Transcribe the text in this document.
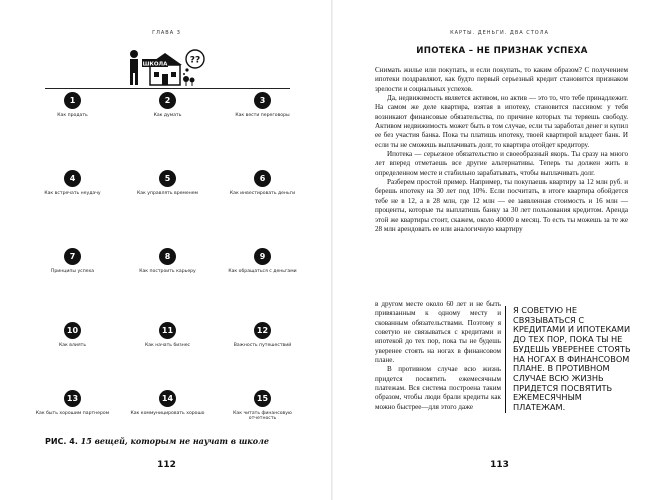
ГЛАВА 3
ШКОЛА ??
1
Как продать
2
Как думать
3
Как вести переговоры
4
Как встречать неудачу
5
Как управлять временем
6
Как инвестировать деньги
7
Принципы успеха
8
Как построить карьеру
9
Как обращаться с деньгами
10
Как влиять
11
Как начать бизнес
12
Важность путешествий
13
Как быть хорошим партнером
14
Как коммуницировать хорошо
15
Как читать финансовую отчетность
РИС. 4. 15 вещей, которым не научат в школе
112
КАРТЫ. ДЕНЬГИ. ДВА СТОЛА
ИПОТЕКА – НЕ ПРИЗНАК УСПЕХА

Снимать жилье или покупать, и если покупать, то каким образом? С получением ипотеки поздравляют, как будто первый серьезный кредит становится признаком зрелости и социальных успехов.

Да, недвижимость является активом, но актив — это то, что тебе принадлежит. На самом же деле квартира, взятая в ипотеку, становится пассивом: у тебя возникают финансовые обязательства, по причине которых ты теряешь свободу. Активом недвижимость может быть в том случае, если ты заработал денег и купил ее без участия банка. Пока ты платишь ипотеку, твоей квартирой владеет банк. И если ты не сможешь выплачивать долг, то квартира отойдет кредитору.

Ипотека — серьезное обязательство и своеобразный якорь. Ты сразу на много лет вперед отметаешь все другие альтернативы. Теперь ты должен жить в определенном месте и стабильно зарабатывать, чтобы выплачивать долг.

Разберем простой пример. Например, ты покупаешь квартиру за 12 млн руб. и берешь ипотеку на 30 лет под 10%. Если посчитать, в итоге квартира обойдется тебе не в 12, а в 28 млн, где 12 млн — ее заявленная стоимость и 16 млн — проценты, которые ты выплатишь банку за 30 лет пользования кредитом. Аренда этой же квартиры стоит, скажем, около 40000 в месяц. То есть ты можешь за те же 28 млн арендовать ее или аналогичную квартиру

в другом месте около 60 лет и не быть привязанным к одному месту и скованным обязательствами. Поэтому я советую не связываться с кредитами и ипотекой до тех пор, пока ты не будешь уверенее стоять на ногах в финансовом плане.

В противном случае всю жизнь придется посвятить ежемесячным платежам. Вся система построена таким образом, чтобы люди брали кредиты как можно быстрее—для этого даже

Я СОВЕТУЮ НЕ СВЯЗЫВАТЬСЯ С КРЕДИТАМИ И ИПОТЕКАМИ ДО ТЕХ ПОР, ПОКА ТЫ НЕ БУДЕШЬ УВЕРЕНЕЕ СТОЯТЬ НА НОГАХ В ФИНАНСОВОМ ПЛАНЕ. В ПРОТИВНОМ СЛУЧАЕ ВСЮ ЖИЗНЬ ПРИДЕТСЯ ПОСВЯТИТЬ ЕЖЕМЕСЯЧНЫМ ПЛАТЕЖАМ.
113
